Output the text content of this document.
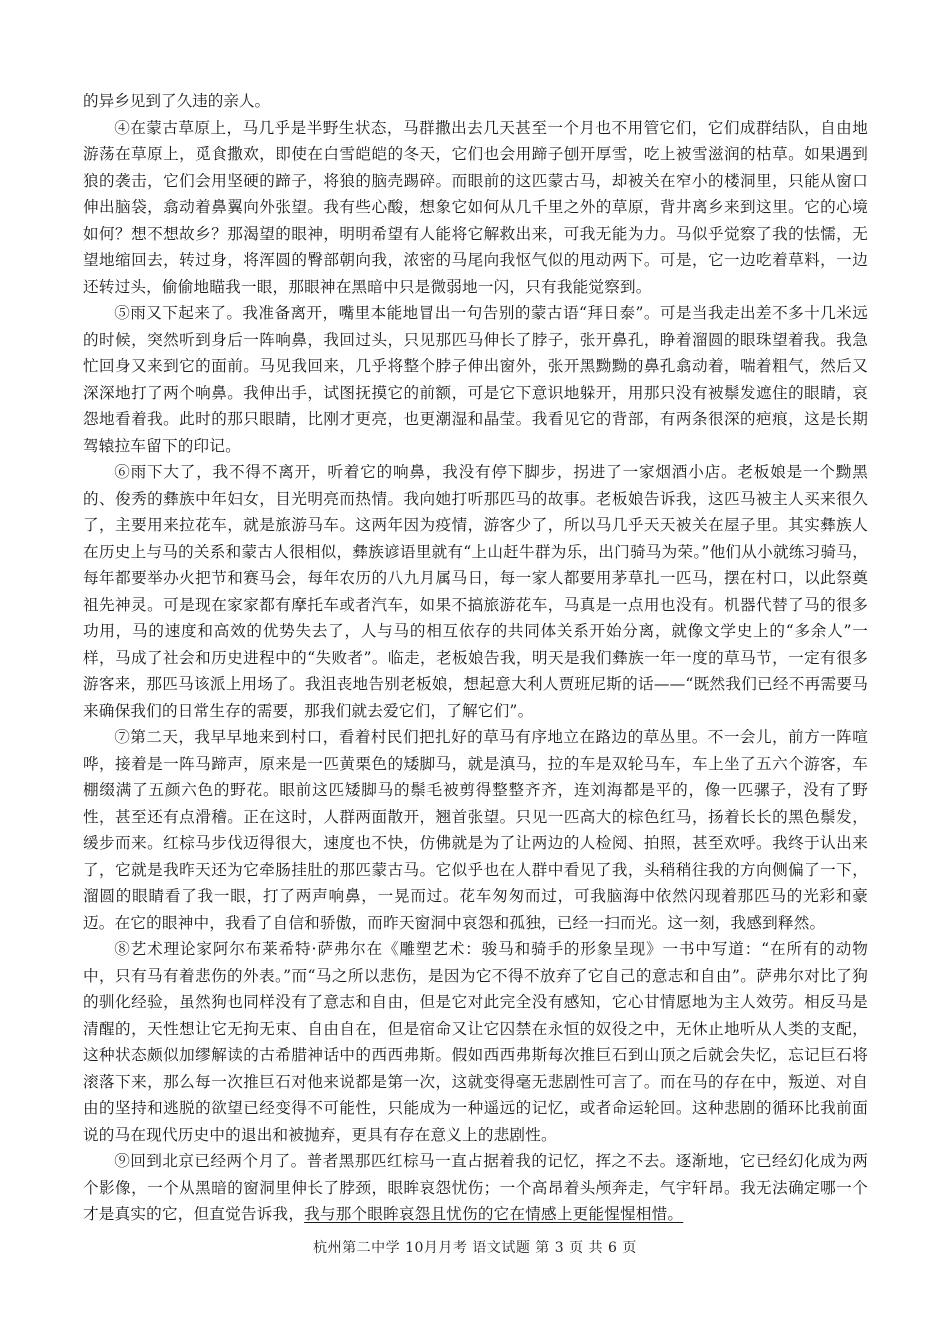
的异乡见到了久违的亲人。

④在蒙古草原上，马几乎是半野生状态，马群撒出去几天甚至一个月也不用管它们，它们成群结队，自由地游荡在草原上，觅食撒欢，即使在白雪皑皑的冬天，它们也会用蹄子刨开厚雪，吃上被雪滋润的枯草。如果遇到狼的袭击，它们会用坚硬的蹄子，将狼的脑壳踢碎。而眼前的这匹蒙古马，却被关在窄小的楼洞里，只能从窗口伸出脑袋，翕动着鼻翼向外张望。我有些心酸，想象它如何从几千里之外的草原，背井离乡来到这里。它的心境如何？想不想故乡？那渴望的眼神，明明希望有人能将它解救出来，可我无能为力。马似乎觉察了我的怯懦，无望地缩回去，转过身，将浑圆的臀部朝向我，浓密的马尾向我怄气似的甩动两下。可是，它一边吃着草料，一边还转过头，偷偷地瞄我一眼，那眼神在黑暗中只是微弱地一闪，只有我能觉察到。

⑤雨又下起来了。我准备离开，嘴里本能地冒出一句告别的蒙古语“拜日泰”。可是当我走出差不多十几米远的时候，突然听到身后一阵响鼻，我回过头，只见那匹马伸长了脖子，张开鼻孔，睁着溜圆的眼珠望着我。我急忙回身又来到它的面前。马见我回来，几乎将整个脖子伸出窗外，张开黑黝黝的鼻孔翕动着，喘着粗气，然后又深深地打了两个响鼻。我伸出手，试图抚摸它的前额，可是它下意识地躲开，用那只没有被鬃发遮住的眼睛，哀怨地看着我。此时的那只眼睛，比刚才更亮，也更潮湿和晶莹。我看见它的背部，有两条很深的疤痕，这是长期驾辕拉车留下的印记。

⑥雨下大了，我不得不离开，听着它的响鼻，我没有停下脚步，拐进了一家烟酒小店。老板娘是一个黝黑的、俊秀的彝族中年妇女，目光明亮而热情。我向她打听那匹马的故事。老板娘告诉我，这匹马被主人买来很久了，主要用来拉花车，就是旅游马车。这两年因为疫情，游客少了，所以马几乎天天被关在屋子里。其实彝族人在历史上与马的关系和蒙古人很相似，彝族谚语里就有“上山赶牛群为乐，出门骑马为荣。”他们从小就练习骑马，每年都要举办火把节和赛马会，每年农历的八九月属马日，每一家人都要用茅草扎一匹马，摆在村口，以此祭奠祖先神灵。可是现在家家都有摩托车或者汽车，如果不搞旅游花车，马真是一点用也没有。机器代替了马的很多功用，马的速度和高效的优势失去了，人与马的相互依存的共同体关系开始分离，就像文学史上的“多余人”一样，马成了社会和历史进程中的“失败者”。临走，老板娘告我，明天是我们彝族一年一度的草马节，一定有很多游客来，那匹马该派上用场了。我沮丧地告别老板娘，想起意大利人贾班尼斯的话——“既然我们已经不再需要马来确保我们的日常生存的需要，那我们就去爱它们，了解它们”。

⑦第二天，我早早地来到村口，看着村民们把扎好的草马有序地立在路边的草丛里。不一会儿，前方一阵喧哗，接着是一阵马蹄声，原来是一匹黄栗色的矮脚马，就是滇马，拉的车是双轮马车，车上坐了五六个游客，车棚缀满了五颜六色的野花。眼前这匹矮脚马的鬃毛被剪得整整齐齐，连刘海都是平的，像一匹骡子，没有了野性，甚至还有点滑稽。正在这时，人群两面散开，翘首张望。只见一匹高大的棕色红马，扬着长长的黑色鬃发，缓步而来。红棕马步伐迈得很大，速度也不快，仿佛就是为了让两边的人检阅、拍照，甚至欢呼。我终于认出来了，它就是我昨天还为它牵肠挂肚的那匹蒙古马。它似乎也在人群中看见了我，头稍稍往我的方向侧偏了一下，溜圆的眼睛看了我一眼，打了两声响鼻，一晃而过。花车匆匆而过，可我脑海中依然闪现着那匹马的光彩和豪迈。在它的眼神中，我看了自信和骄傲，而昨天窗洞中哀怨和孤独，已经一扫而光。这一刻，我感到释然。

⑧艺术理论家阿尔布莱希特·萨弗尔在《雕塑艺术：骏马和骑手的形象呈现》一书中写道：“在所有的动物中，只有马有着悲伤的外表。”而“马之所以悲伤，是因为它不得不放弃了它自己的意志和自由”。萨弗尔对比了狗的驯化经验，虽然狗也同样没有了意志和自由，但是它对此完全没有感知，它心甘情愿地为主人效劳。相反马是清醒的，天性想让它无拘无束、自由自在，但是宿命又让它囚禁在永恒的奴役之中，无休止地听从人类的支配，这种状态颇似加缪解读的古希腊神话中的西西弗斯。假如西西弗斯每次推巨石到山顶之后就会失忆，忘记巨石将滚落下来，那么每一次推巨石对他来说都是第一次，这就变得毫无悲剧性可言了。而在马的存在中，叛逆、对自由的坚持和逃脱的欲望已经变得不可能性，只能成为一种遥远的记忆，或者命运轮回。这种悲剧的循环比我前面说的马在现代历史中的退出和被抛弃，更具有存在意义上的悲剧性。

⑨回到北京已经两个月了。普者黑那匹红棕马一直占据着我的记忆，挥之不去。逐渐地，它已经幻化成为两个影像，一个从黑暗的窗洞里伸长了脖颈，眼眸哀怨忧伤；一个高昂着头颅奔走，气宇轩昂。我无法确定哪一个才是真实的它，但直觉告诉我，我与那个眼眸哀怨且忧伤的它在情感上更能惺惺相惜。

杭州第二中学 10月月考 语文试题 第 3 页 共 6 页
